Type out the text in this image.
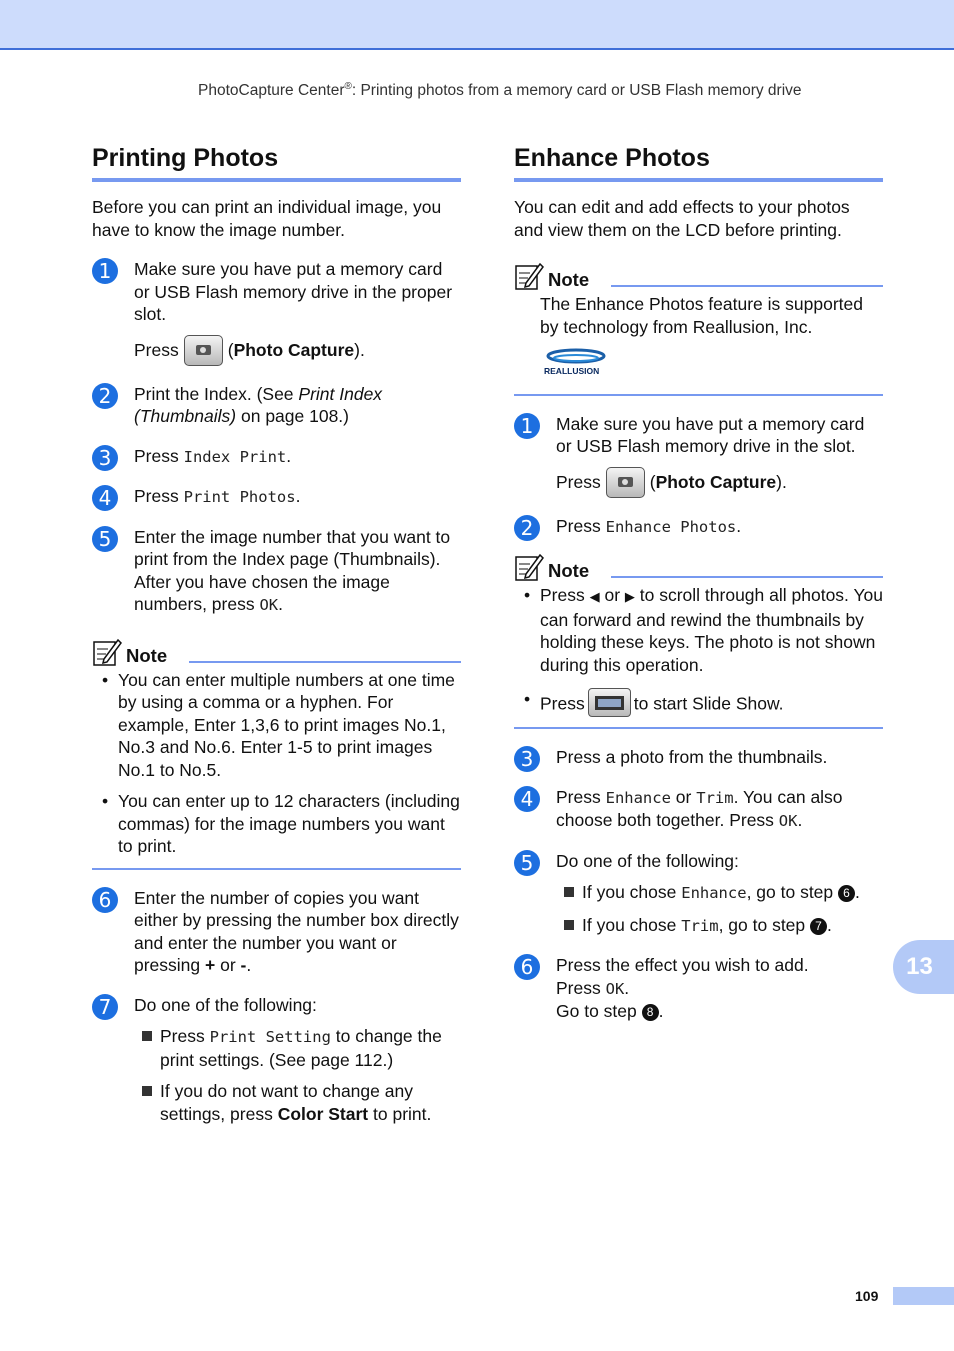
PhotoCapture Center®: Printing photos from a memory card or USB Flash memory drive
Printing Photos

Before you can print an individual image, you have to know the image number.

1	Make sure you have put a memory card or USB Flash memory drive in the proper slot.

Press	(Photo Capture).
2	Print the Index. (See Print Index (Thumbnails) on page 108.)

3	Press Index Print.

4	Press Print Photos.

5	Enter the image number that you want to print from the Index page (Thumbnails). After you have chosen the image numbers, press OK.

Note
• You can enter multiple numbers at one time by using a comma or a hyphen. For example, Enter 1,3,6 to print images No.1, No.3 and No.6. Enter 1-5 to print images No.1 to No.5.
• You can enter up to 12 characters (including commas) for the image numbers you want to print.
6	Enter the number of copies you want either by pressing the number box directly and enter the number you want or pressing + or -.

7	Do one of the following:

Press Print Setting to change the print settings. (See page 112.)
If you do not want to change any settings, press Color Start to print.
Enhance Photos

You can edit and add effects to your photos and view them on the LCD before printing.

Note

The Enhance Photos feature is supported by technology from Reallusion, Inc.

REALLUSION
1	Make sure you have put a memory card or USB Flash memory drive in the slot.

Press	(Photo Capture).
2	Press Enhance Photos.

Note
• Press ◀ or ▶ to scroll through all photos. You can forward and rewind the thumbnails by holding these keys. The photo is not shown during this operation.
• Press	to start Slide Show.
3	Press a photo from the thumbnails.

4	Press Enhance or Trim. You can also choose both together. Press OK.

5	Do one of the following:

If you chose Enhance, go to step 6 .
If you chose Trim, go to step 7 .
6	Press the effect you wish to add.

Press OK.

Go to step 8 .

13
109
